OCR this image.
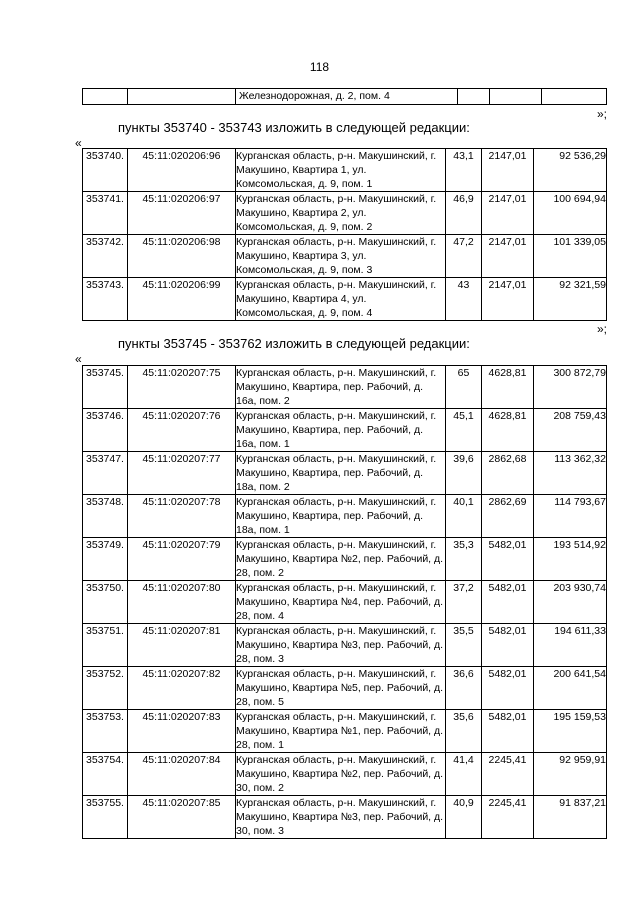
118
		Железнодорожная, д. 2, пом. 4			
»;
пункты 353740 - 353743 изложить в следующей редакции:
«
353740.	45:11:020206:96	Курганская область, р-н. Макушинский, г. Макушино, Квартира 1, ул. Комсомольская, д. 9, пом. 1	43,1	2147,01	92 536,29
353741.	45:11:020206:97	Курганская область, р-н. Макушинский, г. Макушино, Квартира 2, ул. Комсомольская, д. 9, пом. 2	46,9	2147,01	100 694,94
353742.	45:11:020206:98	Курганская область, р-н. Макушинский, г. Макушино, Квартира 3, ул. Комсомольская, д. 9, пом. 3	47,2	2147,01	101 339,05
353743.	45:11:020206:99	Курганская область, р-н. Макушинский, г. Макушино, Квартира 4, ул. Комсомольская, д. 9, пом. 4	43	2147,01	92 321,59
»;
пункты 353745 - 353762 изложить в следующей редакции:
«
353745.	45:11:020207:75	Курганская область, р-н. Макушинский, г. Макушино, Квартира, пер. Рабочий, д. 16а, пом. 2	65	4628,81	300 872,79
353746.	45:11:020207:76	Курганская область, р-н. Макушинский, г. Макушино, Квартира, пер. Рабочий, д. 16а, пом. 1	45,1	4628,81	208 759,43
353747.	45:11:020207:77	Курганская область, р-н. Макушинский, г. Макушино, Квартира, пер. Рабочий, д. 18а, пом. 2	39,6	2862,68	113 362,32
353748.	45:11:020207:78	Курганская область, р-н. Макушинский, г. Макушино, Квартира, пер. Рабочий, д. 18а, пом. 1	40,1	2862,69	114 793,67
353749.	45:11:020207:79	Курганская область, р-н. Макушинский, г. Макушино, Квартира №2, пер. Рабочий, д. 28, пом. 2	35,3	5482,01	193 514,92
353750.	45:11:020207:80	Курганская область, р-н. Макушинский, г. Макушино, Квартира №4, пер. Рабочий, д. 28, пом. 4	37,2	5482,01	203 930,74
353751.	45:11:020207:81	Курганская область, р-н. Макушинский, г. Макушино, Квартира №3, пер. Рабочий, д. 28, пом. 3	35,5	5482,01	194 611,33
353752.	45:11:020207:82	Курганская область, р-н. Макушинский, г. Макушино, Квартира №5, пер. Рабочий, д. 28, пом. 5	36,6	5482,01	200 641,54
353753.	45:11:020207:83	Курганская область, р-н. Макушинский, г. Макушино, Квартира №1, пер. Рабочий, д. 28, пом. 1	35,6	5482,01	195 159,53
353754.	45:11:020207:84	Курганская область, р-н. Макушинский, г. Макушино, Квартира №2, пер. Рабочий, д. 30, пом. 2	41,4	2245,41	92 959,91
353755.	45:11:020207:85	Курганская область, р-н. Макушинский, г. Макушино, Квартира №3, пер. Рабочий, д. 30, пом. 3	40,9	2245,41	91 837,21
